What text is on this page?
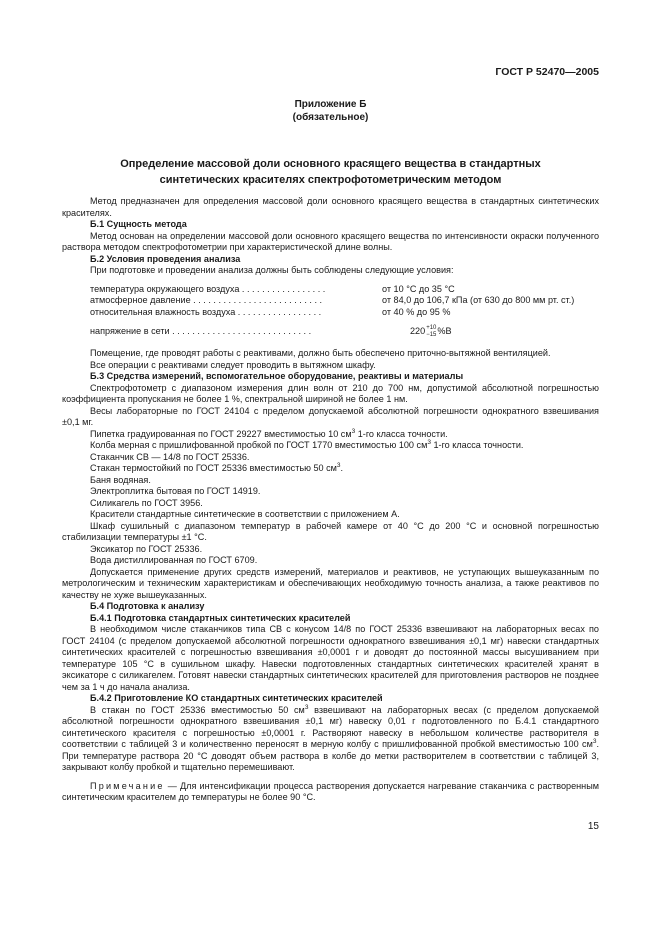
ГОСТ Р 52470—2005
Приложение Б
(обязательное)
Определение массовой доли основного красящего вещества в стандартных
синтетических красителях спектрофотометрическим методом
Метод предназначен для определения массовой доли основного красящего вещества в стандартных синтетических красителях.
Б.1 Сущность метода
Метод основан на определении массовой доли основного красящего вещества по интенсивности окраски полученного раствора методом спектрофотометрии при характеристической длине волны.
Б.2 Условия проведения анализа
При подготовке и проведении анализа должны быть соблюдены следующие условия:
температура окружающего воздуха . . . . . . . . . . . . . . . . .	от 10 °С до 35 °С
атмосферное давление . . . . . . . . . . . . . . . . . . . . . . . . . .	от 84,0 до 106,7 кПа (от 630 до 800 мм рт. ст.)
относительная влажность воздуха . . . . . . . . . . . . . . . . .	от 40 % до 95 %
напряжение в сети . . . . . . . . . . . . . . . . . . . . . . . . . . . .	220 +10
−15 %В
Помещение, где проводят работы с реактивами, должно быть обеспечено приточно-вытяжной вентиляцией.
Все операции с реактивами следует проводить в вытяжном шкафу.
Б.3 Средства измерений, вспомогательное оборудование, реактивы и материалы
Спектрофотометр с диапазоном измерения длин волн от 210 до 700 нм, допустимой абсолютной погрешностью коэффициента пропускания не более 1 %, спектральной шириной не более 1 нм.
Весы лабораторные по ГОСТ 24104 с пределом допускаемой абсолютной погрешности однократного взвешивания ±0,1 мг.
Пипетка градуированная по ГОСТ 29227 вместимостью 10 $см^3$ 1-го класса точности.
Колба мерная с пришлифованной пробкой по ГОСТ 1770 вместимостью 100 $см^3$ 1-го класса точности.
Стаканчик СВ — 14/8 по ГОСТ 25336.
Стакан термостойкий по ГОСТ 25336 вместимостью 50 $см^3$.
Баня водяная.
Электроплитка бытовая по ГОСТ 14919.
Силикагель по ГОСТ 3956.
Красители стандартные синтетические в соответствии с приложением А.
Шкаф сушильный с диапазоном температур в рабочей камере от 40 °С до 200 °С и основной погрешностью стабилизации температуры ±1 °С.
Эксикатор по ГОСТ 25336.
Вода дистиллированная по ГОСТ 6709.
Допускается применение других средств измерений, материалов и реактивов, не уступающих вышеуказанным по метрологическим и техническим характеристикам и обеспечивающих необходимую точность анализа, а также реактивов по качеству не хуже вышеуказанных.
Б.4 Подготовка к анализу
Б.4.1 Подготовка стандартных синтетических красителей
В необходимом числе стаканчиков типа СВ с конусом 14/8 по ГОСТ 25336 взвешивают на лабораторных весах по ГОСТ 24104 (с пределом допускаемой абсолютной погрешности однократного взвешивания ±0,1 мг) навески стандартных синтетических красителей с погрешностью взвешивания ±0,0001 г и доводят до постоянной массы высушиванием при температуре 105 °С в сушильном шкафу. Навески подготовленных стандартных синтетических красителей хранят в эксикаторе с силикагелем. Готовят навески стандартных синтетических красителей для приготовления растворов не позднее чем за 1 ч до начала анализа.
Б.4.2 Приготовление КО стандартных синтетических красителей
В стакан по ГОСТ 25336 вместимостью 50 $см^3$ взвешивают на лабораторных весах (с пределом допускаемой абсолютной погрешности однократного взвешивания ±0,1 мг) навеску 0,01 г подготовленного по Б.4.1 стандартного синтетического красителя с погрешностью ±0,0001 г. Растворяют навеску в небольшом количестве растворителя в соответствии с таблицей 3 и количественно переносят в мерную колбу с пришлифованной пробкой вместимостью 100 $см^3$. При температуре раствора 20 °С доводят объем раствора в колбе до метки растворителем в соответствии с таблицей 3, закрывают колбу пробкой и тщательно перемешивают.
Примечание — Для интенсификации процесса растворения допускается нагревание стаканчика с растворенным синтетическим красителем до температуры не более 90 °С.
15
